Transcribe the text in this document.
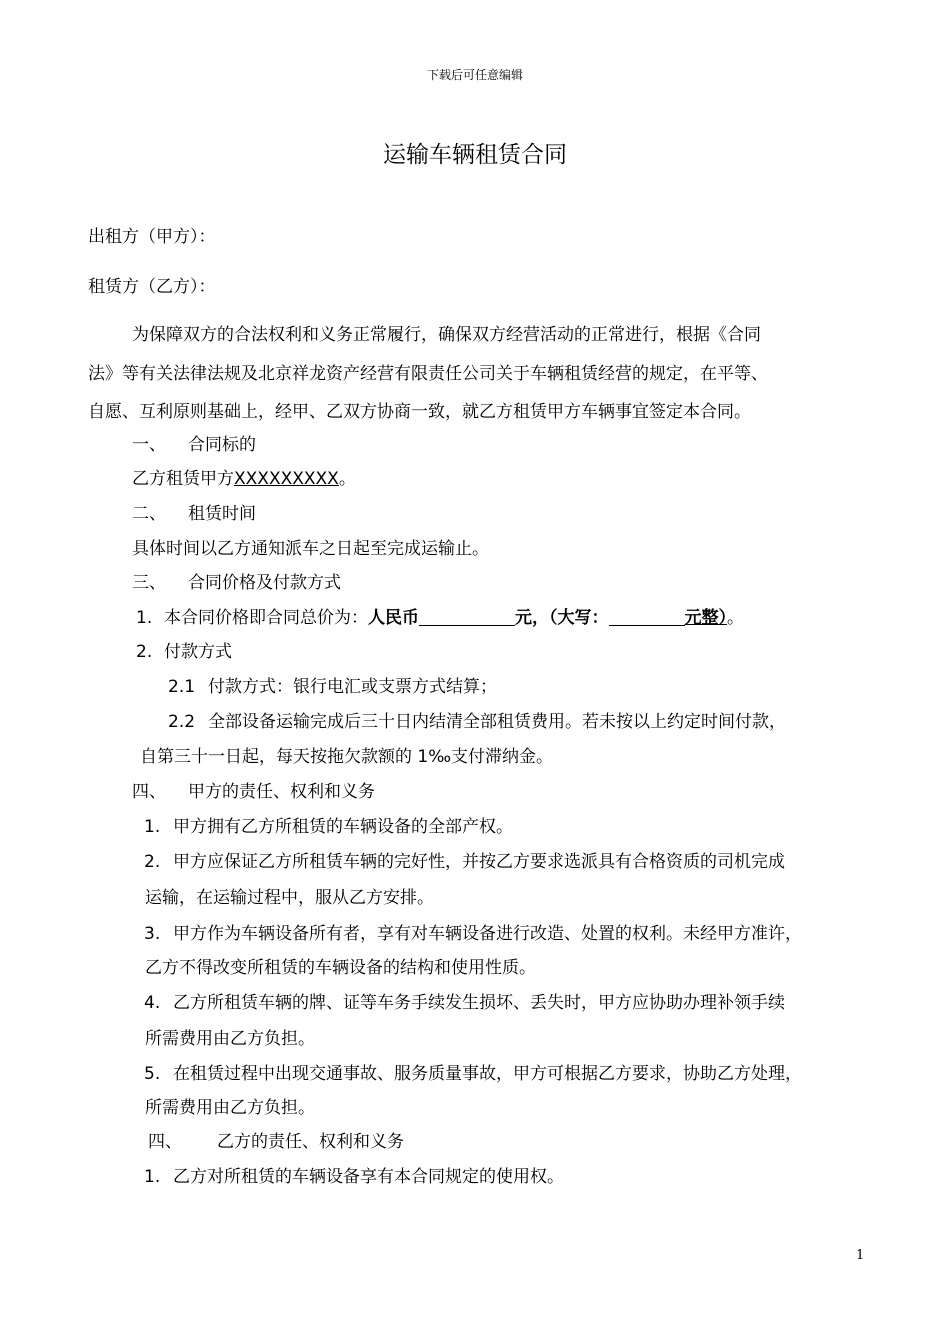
下载后可任意编辑
运输车辆租赁合同
出租方（甲方）：
租赁方（乙方）：
为保障双方的合法权利和义务正常履行，确保双方经营活动的正常进行，根据《合同
法》等有关法律法规及北京祥龙资产经营有限责任公司关于车辆租赁经营的规定，在平等、
自愿、互利原则基础上，经甲、乙双方协商一致，就乙方租赁甲方车辆事宜签定本合同。
一、 合同标的
乙方租赁甲方XXXXXXXXX。
二、 租赁时间
具体时间以乙方通知派车之日起至完成运输止。
三、 合同价格及付款方式
1. 本合同价格即合同总价为：人民币	元，（大写：	元整）。
2. 付款方式
2.1 付款方式：银行电汇或支票方式结算；
2.2 全部设备运输完成后三十日内结清全部租赁费用。若未按以上约定时间付款，
自第三十一日起，每天按拖欠款额的 1‰支付滞纳金。
四、 甲方的责任、权利和义务
1. 甲方拥有乙方所租赁的车辆设备的全部产权。
2. 甲方应保证乙方所租赁车辆的完好性，并按乙方要求选派具有合格资质的司机完成
运输，在运输过程中，服从乙方安排。
3. 甲方作为车辆设备所有者，享有对车辆设备进行改造、处置的权利。未经甲方准许，
乙方不得改变所租赁的车辆设备的结构和使用性质。
4. 乙方所租赁车辆的牌、证等车务手续发生损坏、丢失时，甲方应协助办理补领手续
所需费用由乙方负担。
5. 在租赁过程中出现交通事故、服务质量事故，甲方可根据乙方要求，协助乙方处理，
所需费用由乙方负担。
四、 乙方的责任、权利和义务
1. 乙方对所租赁的车辆设备享有本合同规定的使用权。
1
